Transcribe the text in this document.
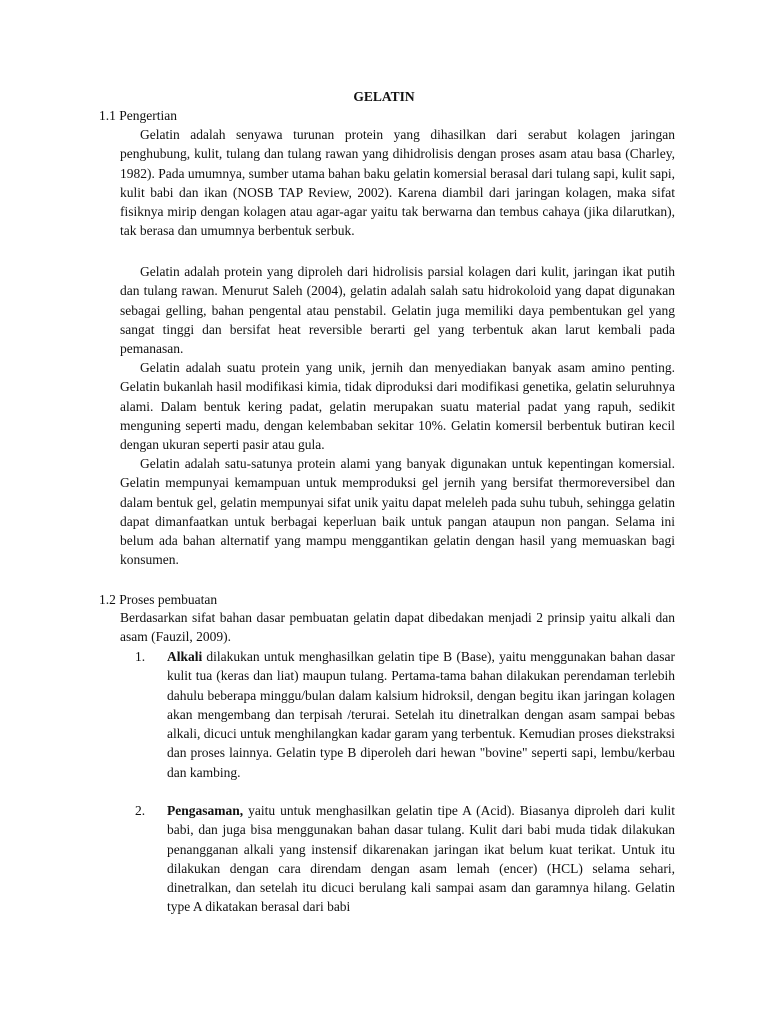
GELATIN
1.1 Pengertian
Gelatin adalah senyawa turunan protein yang dihasilkan dari serabut kolagen jaringan penghubung, kulit, tulang dan tulang rawan yang dihidrolisis dengan proses asam atau basa (Charley, 1982). Pada umumnya, sumber utama bahan baku gelatin komersial berasal dari tulang sapi, kulit sapi, kulit babi dan ikan (NOSB TAP Review, 2002). Karena diambil dari jaringan kolagen, maka sifat fisiknya mirip dengan kolagen atau agar-agar yaitu tak berwarna dan tembus cahaya (jika dilarutkan), tak berasa dan umumnya berbentuk serbuk.
Gelatin adalah protein yang diproleh dari hidrolisis parsial kolagen dari kulit, jaringan ikat putih dan tulang rawan. Menurut Saleh (2004), gelatin adalah salah satu hidrokoloid yang dapat digunakan sebagai gelling, bahan pengental atau penstabil. Gelatin juga memiliki daya pembentukan gel yang sangat tinggi dan bersifat heat reversible berarti gel yang terbentuk akan larut kembali pada pemanasan.
Gelatin adalah suatu protein yang unik, jernih dan menyediakan banyak asam amino penting. Gelatin bukanlah hasil modifikasi kimia, tidak diproduksi dari modifikasi genetika, gelatin seluruhnya alami. Dalam bentuk kering padat, gelatin merupakan suatu material padat yang rapuh, sedikit menguning seperti madu, dengan kelembaban sekitar 10%. Gelatin komersil berbentuk butiran kecil dengan ukuran seperti pasir atau gula.
Gelatin adalah satu-satunya protein alami yang banyak digunakan untuk kepentingan komersial. Gelatin mempunyai kemampuan untuk memproduksi gel jernih yang bersifat thermoreversibel dan dalam bentuk gel, gelatin mempunyai sifat unik yaitu dapat meleleh pada suhu tubuh, sehingga gelatin dapat dimanfaatkan untuk berbagai keperluan baik untuk pangan ataupun non pangan. Selama ini belum ada bahan alternatif yang mampu menggantikan gelatin dengan hasil yang memuaskan bagi konsumen.
1.2 Proses pembuatan
Berdasarkan sifat bahan dasar pembuatan gelatin dapat dibedakan menjadi 2 prinsip yaitu alkali dan asam (Fauzil, 2009).
1.	Alkali dilakukan untuk menghasilkan gelatin tipe B (Base), yaitu menggunakan bahan dasar kulit tua (keras dan liat) maupun tulang. Pertama-tama bahan dilakukan perendaman terlebih dahulu beberapa minggu/bulan dalam kalsium hidroksil, dengan begitu ikan jaringan kolagen akan mengembang dan terpisah /terurai. Setelah itu dinetralkan dengan asam sampai bebas alkali, dicuci untuk menghilangkan kadar garam yang terbentuk. Kemudian proses diekstraksi dan proses lainnya. Gelatin type B diperoleh dari hewan "bovine" seperti sapi, lembu/kerbau dan kambing.
2.	Pengasaman, yaitu untuk menghasilkan gelatin tipe A (Acid). Biasanya diproleh dari kulit babi, dan juga bisa menggunakan bahan dasar tulang. Kulit dari babi muda tidak dilakukan penangganan alkali yang instensif dikarenakan jaringan ikat belum kuat terikat. Untuk itu dilakukan dengan cara direndam dengan asam lemah (encer) (HCL) selama sehari, dinetralkan, dan setelah itu dicuci berulang kali sampai asam dan garamnya hilang. Gelatin type A dikatakan berasal dari babi
